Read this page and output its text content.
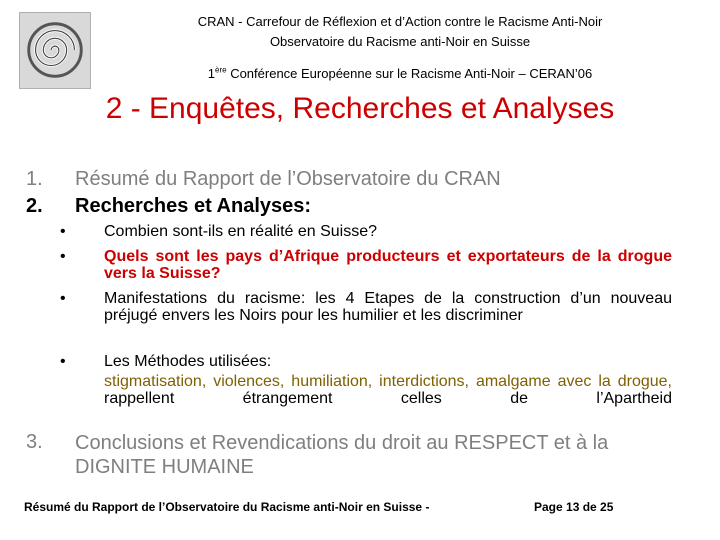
CRAN - Carrefour de Réflexion et d’Action contre le Racisme Anti-Noir
Observatoire du Racisme anti-Noir en Suisse
1ère Conférence Européenne sur le Racisme Anti-Noir – CERAN’06
2 - Enquêtes, Recherches et Analyses
1. Résumé du Rapport de l’Observatoire du CRAN
2. Recherches et Analyses:
• Combien sont-ils en réalité en Suisse?
• Quels sont les pays d’Afrique producteurs et exportateurs de la drogue vers la Suisse?
• Manifestations du racisme: les 4 Etapes de la construction d’un nouveau préjugé envers les Noirs pour les humilier et les discriminer
• Les Méthodes utilisées:
stigmatisation, violences, humiliation, interdictions, amalgame avec la drogue, rappellent étrangement celles de l’Apartheid
3. Conclusions et Revendications du droit au RESPECT et à la DIGNITE HUMAINE
Résumé du Rapport de l’Observatoire du Racisme anti-Noir en Suisse -	Page 13 de 25
